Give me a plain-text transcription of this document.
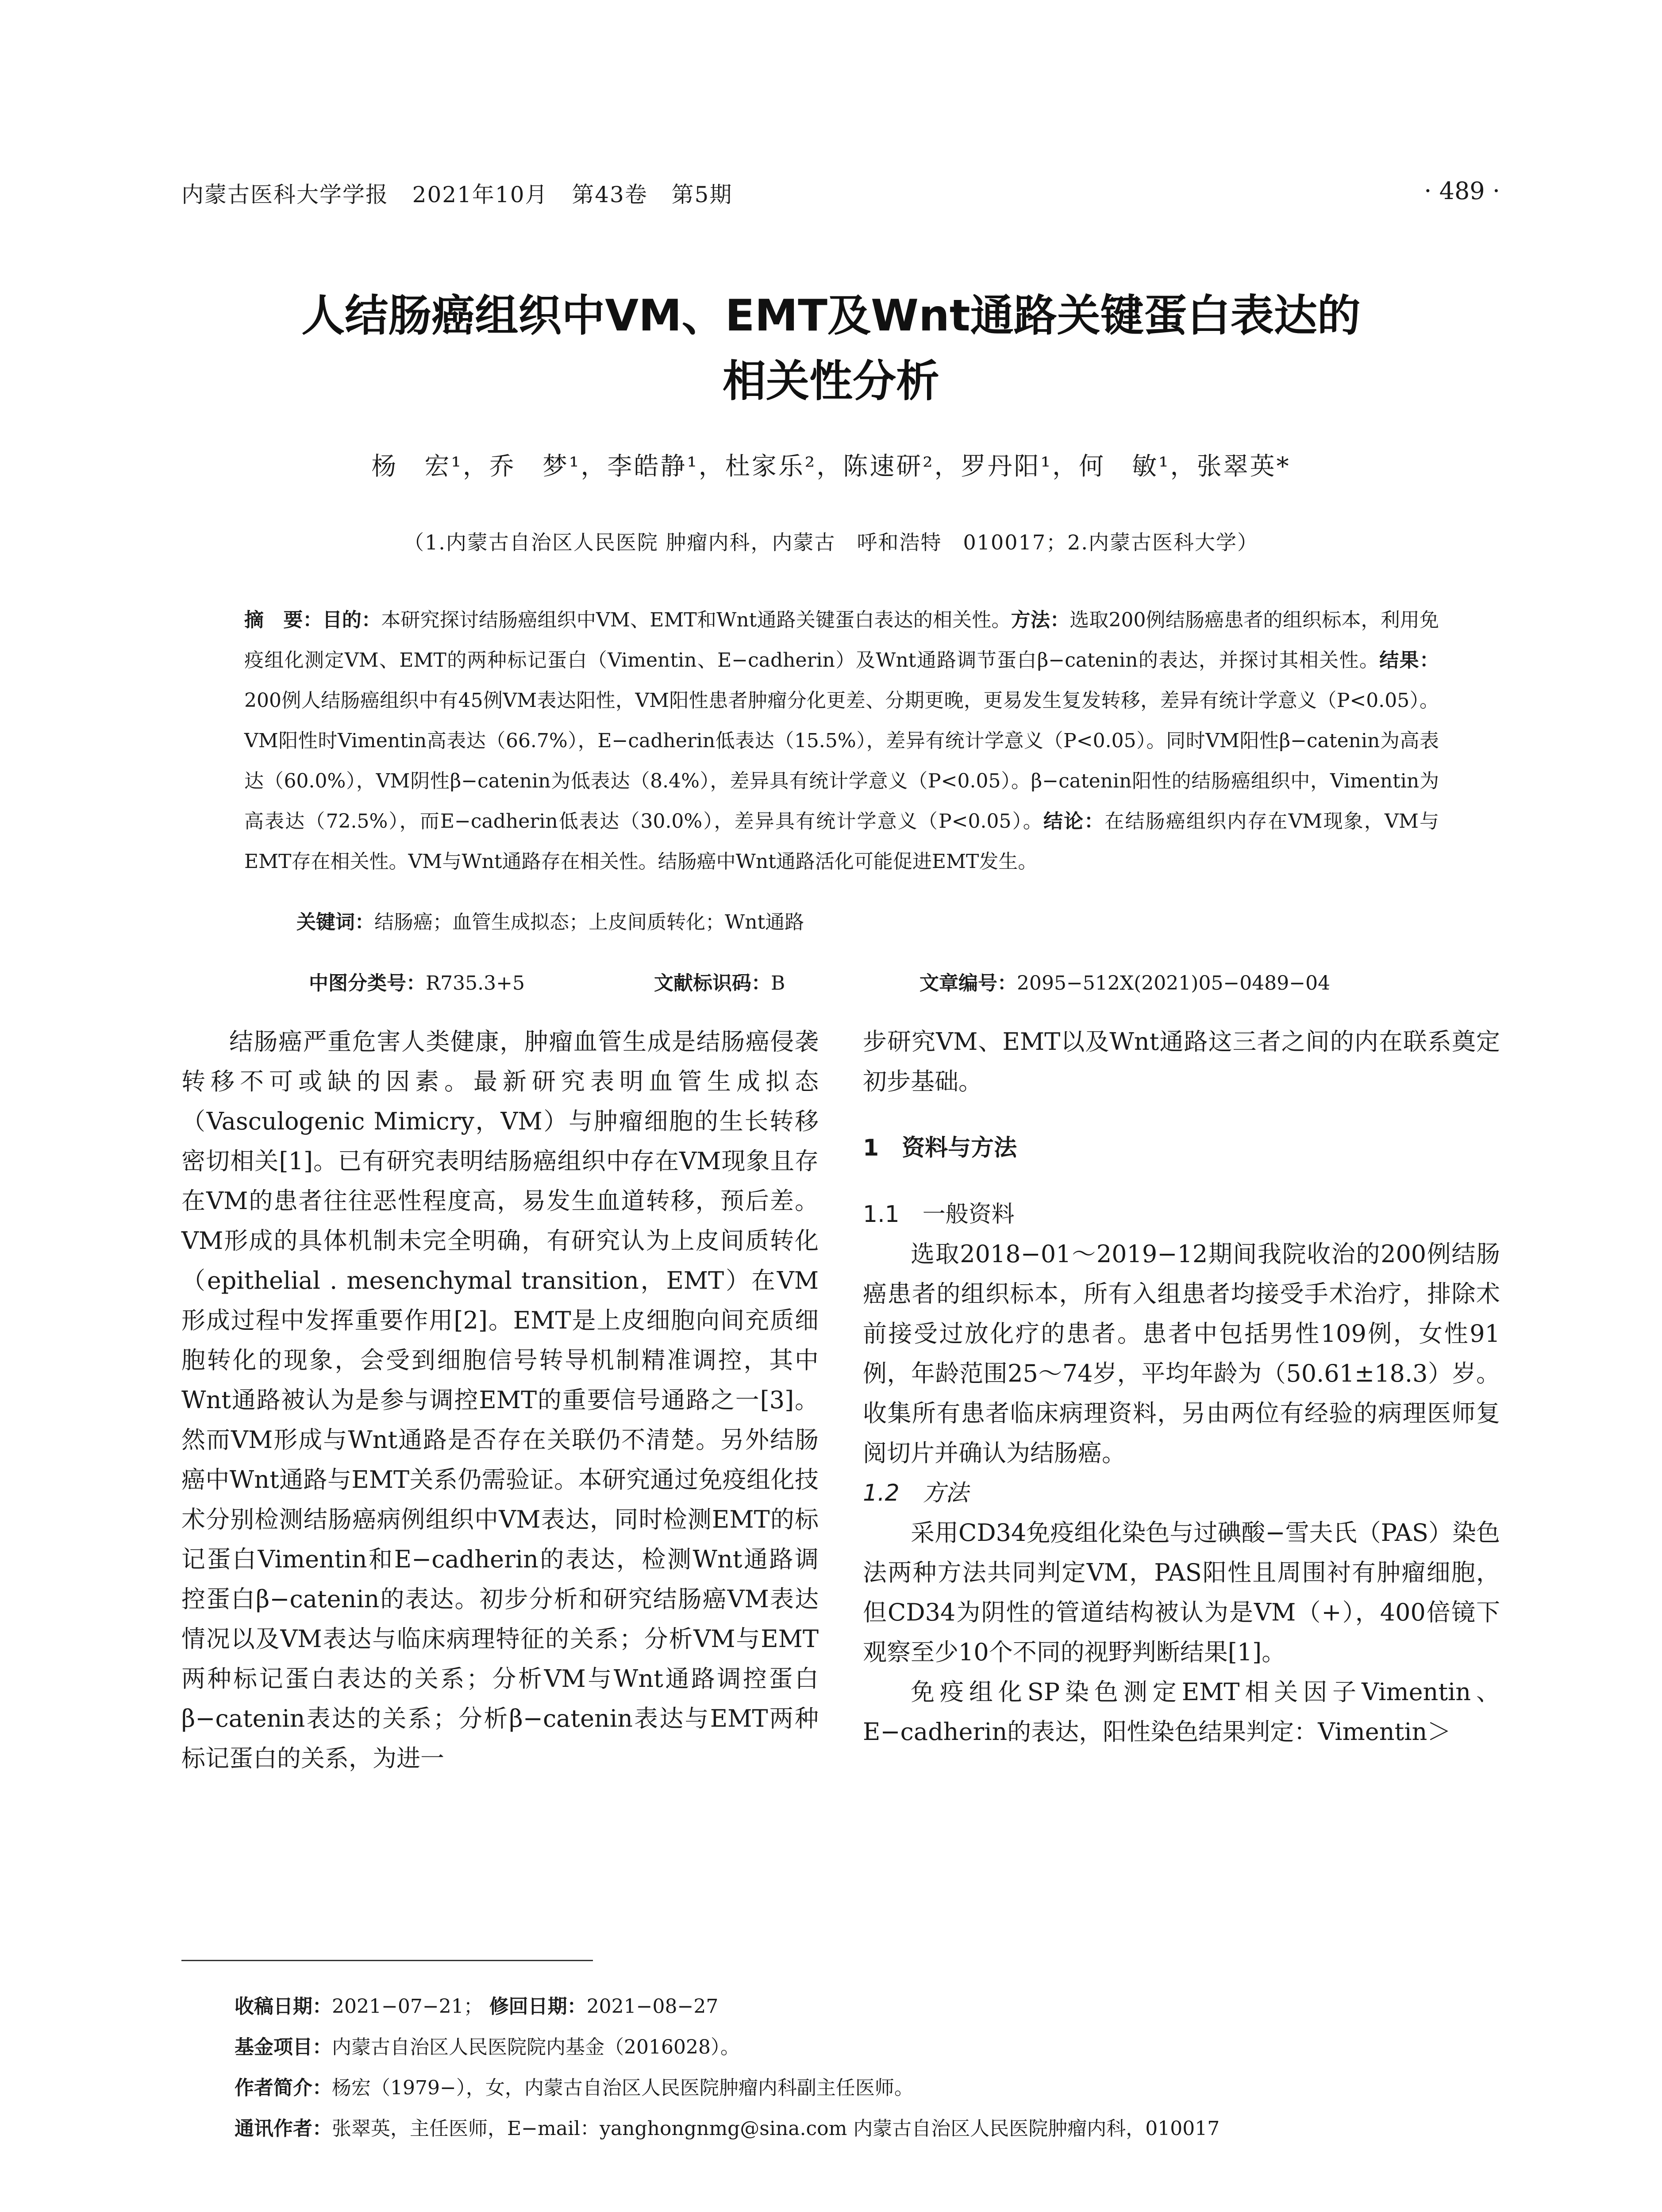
内蒙古医科大学学报   2021年10月   第43卷   第5期	· 489 ·
人结肠癌组织中VM、EMT及Wnt通路关键蛋白表达的
相关性分析
杨　宏¹，乔　梦¹，李皓静¹，杜家乐²，陈速研²，罗丹阳¹，何　敏¹，张翠英*
（1.内蒙古自治区人民医院 肿瘤内科，内蒙古　呼和浩特　010017；2.内蒙古医科大学）
摘　要：目的：本研究探讨结肠癌组织中VM、EMT和Wnt通路关键蛋白表达的相关性。方法：选取200例结肠癌患者的组织标本，利用免疫组化测定VM、EMT的两种标记蛋白（Vimentin、E−cadherin）及Wnt通路调节蛋白β−catenin的表达，并探讨其相关性。结果：200例人结肠癌组织中有45例VM表达阳性，VM阳性患者肿瘤分化更差、分期更晚，更易发生复发转移，差异有统计学意义（P<0.05）。VM阳性时Vimentin高表达（66.7%），E−cadherin低表达（15.5%），差异有统计学意义（P<0.05）。同时VM阳性β−catenin为高表达（60.0%），VM阴性β−catenin为低表达（8.4%），差异具有统计学意义（P<0.05）。β−catenin阳性的结肠癌组织中，Vimentin为高表达（72.5%），而E−cadherin低表达（30.0%），差异具有统计学意义（P<0.05）。结论：在结肠癌组织内存在VM现象，VM与EMT存在相关性。VM与Wnt通路存在相关性。结肠癌中Wnt通路活化可能促进EMT发生。
关键词：结肠癌；血管生成拟态；上皮间质转化；Wnt通路

中图分类号：R735.3+5	文献标识码：B	文章编号：2095−512X(2021)05−0489−04

结肠癌严重危害人类健康，肿瘤血管生成是结肠癌侵袭转移不可或缺的因素。最新研究表明血管生成拟态（Vasculogenic Mimicry，VM）与肿瘤细胞的生长转移密切相关[1]。已有研究表明结肠癌组织中存在VM现象且存在VM的患者往往恶性程度高，易发生血道转移，预后差。VM形成的具体机制未完全明确，有研究认为上皮间质转化（epithelial . mesenchymal transition，EMT）在VM形成过程中发挥重要作用[2]。EMT是上皮细胞向间充质细胞转化的现象，会受到细胞信号转导机制精准调控，其中Wnt通路被认为是参与调控EMT的重要信号通路之一[3]。然而VM形成与Wnt通路是否存在关联仍不清楚。另外结肠癌中Wnt通路与EMT关系仍需验证。本研究通过免疫组化技术分别检测结肠癌病例组织中VM表达，同时检测EMT的标记蛋白Vimentin和E−cadherin的表达，检测Wnt通路调控蛋白β−catenin的表达。初步分析和研究结肠癌VM表达情况以及VM表达与临床病理特征的关系；分析VM与EMT两种标记蛋白表达的关系；分析VM与Wnt通路调控蛋白β−catenin表达的关系；分析β−catenin表达与EMT两种标记蛋白的关系，为进一

步研究VM、EMT以及Wnt通路这三者之间的内在联系奠定初步基础。

1　资料与方法
1.1　一般资料

选取2018−01～2019−12期间我院收治的200例结肠癌患者的组织标本，所有入组患者均接受手术治疗，排除术前接受过放化疗的患者。患者中包括男性109例，女性91例，年龄范围25～74岁，平均年龄为（50.61±18.3）岁。收集所有患者临床病理资料，另由两位有经验的病理医师复阅切片并确认为结肠癌。

1.2　方法

采用CD34免疫组化染色与过碘酸−雪夫氏（PAS）染色法两种方法共同判定VM，PAS阳性且周围衬有肿瘤细胞，但CD34为阴性的管道结构被认为是VM（+），400倍镜下观察至少10个不同的视野判断结果[1]。

免疫组化SP染色测定EMT相关因子Vimentin、E−cadherin的表达，阳性染色结果判定：Vimentin＞

收稿日期：2021−07−21； 修回日期：2021−08−27
基金项目：内蒙古自治区人民医院院内基金（2016028）。
作者简介：杨宏（1979−），女，内蒙古自治区人民医院肿瘤内科副主任医师。
通讯作者：张翠英，主任医师，E−mail：yanghongnmg@sina.com 内蒙古自治区人民医院肿瘤内科，010017
